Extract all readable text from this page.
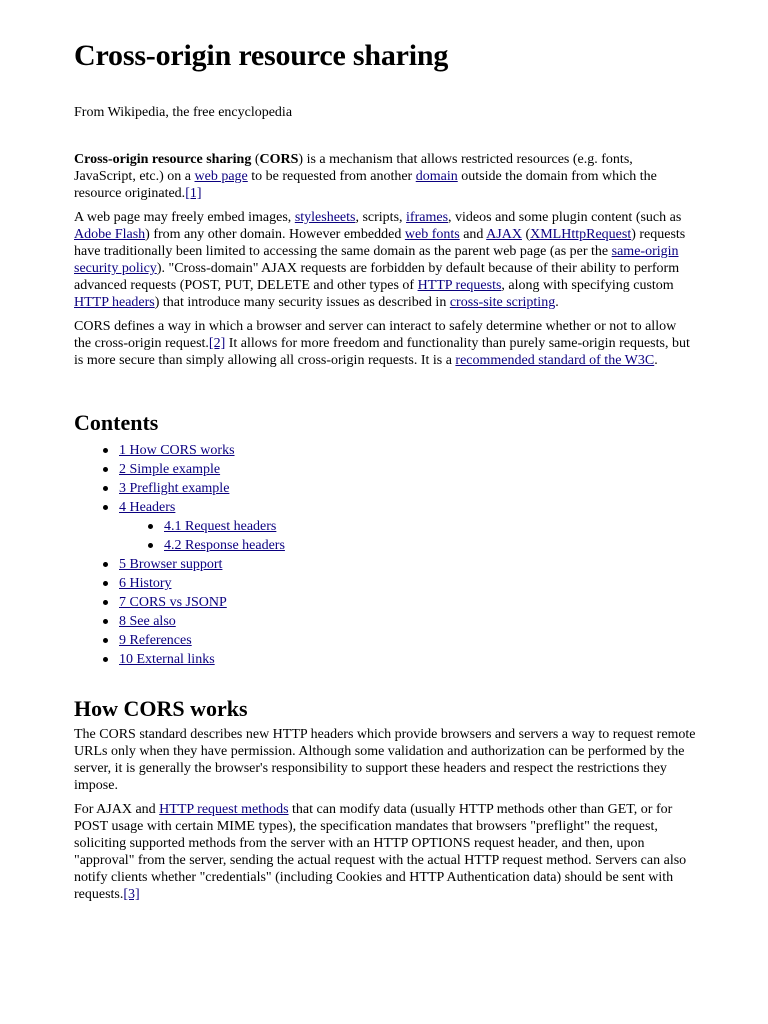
Cross-origin resource sharing
From Wikipedia, the free encyclopedia

Cross-origin resource sharing (CORS) is a mechanism that allows restricted resources (e.g. fonts, JavaScript, etc.) on a web page to be requested from another domain outside the domain from which the resource originated.[1]

A web page may freely embed images, stylesheets, scripts, iframes, videos and some plugin content (such as Adobe Flash) from any other domain. However embedded web fonts and AJAX (XMLHttpRequest) requests have traditionally been limited to accessing the same domain as the parent web page (as per the same-origin security policy). "Cross-domain" AJAX requests are forbidden by default because of their ability to perform advanced requests (POST, PUT, DELETE and other types of HTTP requests, along with specifying custom HTTP headers) that introduce many security issues as described in cross-site scripting.

CORS defines a way in which a browser and server can interact to safely determine whether or not to allow the cross-origin request.[2] It allows for more freedom and functionality than purely same-origin requests, but is more secure than simply allowing all cross-origin requests. It is a recommended standard of the W3C.

Contents
1 How CORS works
2 Simple example
3 Preflight example
4 Headers
4.1 Request headers
4.2 Response headers
5 Browser support
6 History
7 CORS vs JSONP
8 See also
9 References
10 External links
How CORS works

The CORS standard describes new HTTP headers which provide browsers and servers a way to request remote URLs only when they have permission. Although some validation and authorization can be performed by the server, it is generally the browser's responsibility to support these headers and respect the restrictions they impose.

For AJAX and HTTP request methods that can modify data (usually HTTP methods other than GET, or for POST usage with certain MIME types), the specification mandates that browsers "preflight" the request, soliciting supported methods from the server with an HTTP OPTIONS request header, and then, upon "approval" from the server, sending the actual request with the actual HTTP request method. Servers can also notify clients whether "credentials" (including Cookies and HTTP Authentication data) should be sent with requests.[3]
